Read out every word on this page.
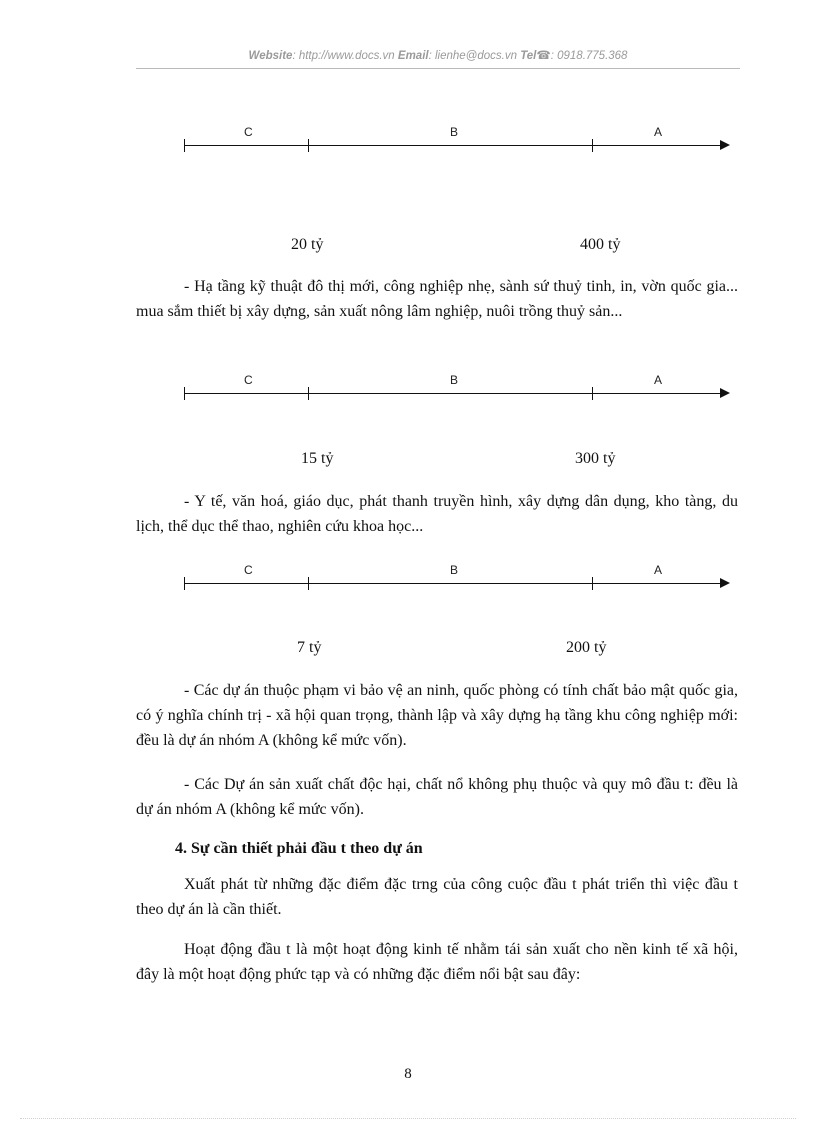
Website: http://www.docs.vn Email: lienhe@docs.vn Tel☎: 0918.775.368
C	B	A
20 tỷ	400 tỷ

- Hạ tầng kỹ thuật đô thị mới, công nghiệp nhẹ, sành sứ thuỷ tinh, in, vờn quốc gia... mua sắm thiết bị xây dựng, sản xuất nông lâm nghiệp, nuôi trồng thuỷ sản...

C	B	A
15 tỷ	300 tỷ

- Y tế, văn hoá, giáo dục, phát thanh truyền hình, xây dựng dân dụng, kho tàng, du lịch, thể dục thể thao, nghiên cứu khoa học...

C	B	A
7 tỷ	200 tỷ

- Các dự án thuộc phạm vi bảo vệ an ninh, quốc phòng có tính chất bảo mật quốc gia, có ý nghĩa chính trị - xã hội quan trọng, thành lập và xây dựng hạ tầng khu công nghiệp mới: đều là dự án nhóm A (không kể mức vốn).

- Các Dự án sản xuất chất độc hại, chất nổ không phụ thuộc và quy mô đầu t: đều là dự án nhóm A (không kể mức vốn).

4. Sự cần thiết phải đầu t theo dự án

Xuất phát từ những đặc điểm đặc trng của công cuộc đầu t phát triển thì việc đầu t theo dự án là cần thiết.

Hoạt động đầu t là một hoạt động kinh tế nhằm tái sản xuất cho nền kinh tế xã hội, đây là một hoạt động phức tạp và có những đặc điểm nổi bật sau đây:

8
